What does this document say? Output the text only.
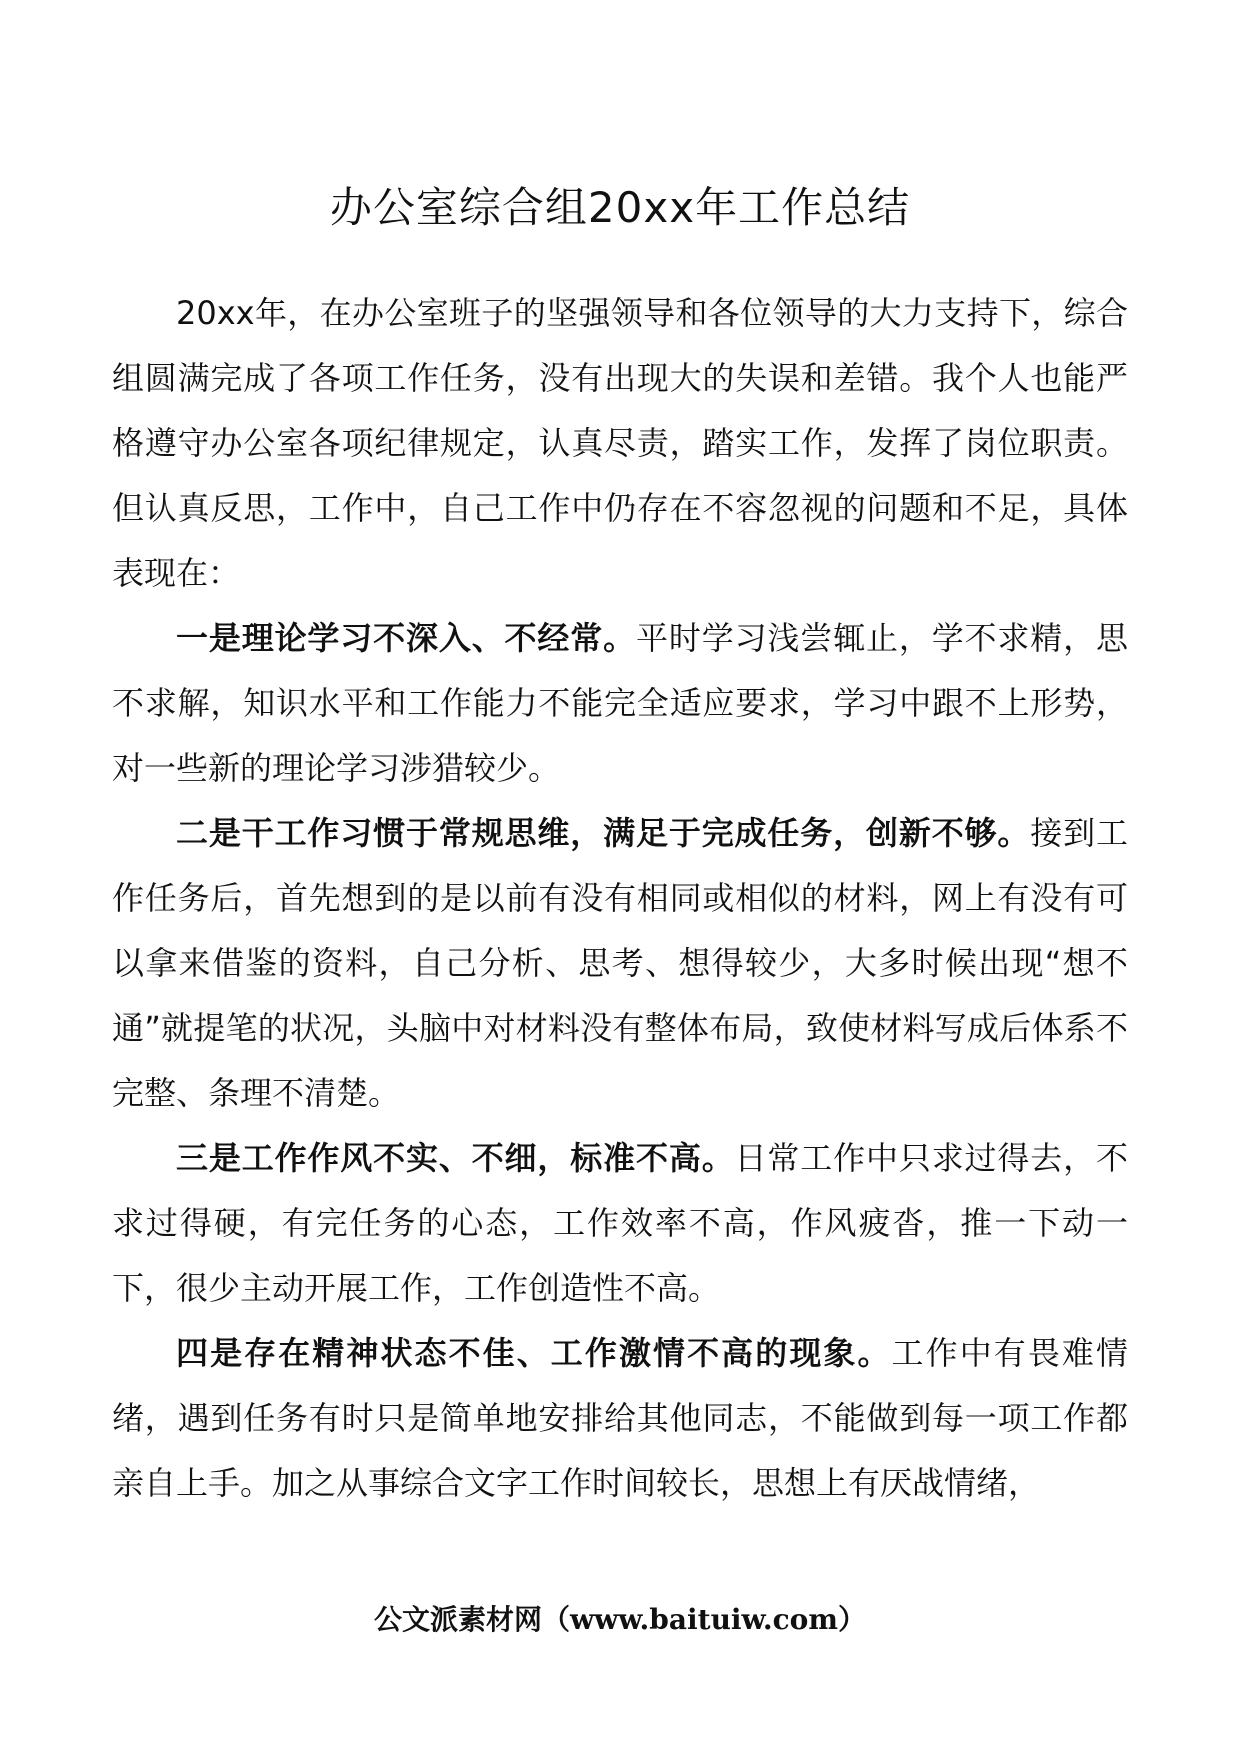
办公室综合组20xx年工作总结

20xx年，在办公室班子的坚强领导和各位领导的大力支持下，综合组圆满完成了各项工作任务，没有出现大的失误和差错。我个人也能严格遵守办公室各项纪律规定，认真尽责，踏实工作，发挥了岗位职责。但认真反思，工作中，自己工作中仍存在不容忽视的问题和不足，具体表现在：

一是理论学习不深入、不经常。平时学习浅尝辄止，学不求精，思不求解，知识水平和工作能力不能完全适应要求，学习中跟不上形势，对一些新的理论学习涉猎较少。

二是干工作习惯于常规思维，满足于完成任务，创新不够。接到工作任务后，首先想到的是以前有没有相同或相似的材料，网上有没有可以拿来借鉴的资料，自己分析、思考、想得较少，大多时候出现“想不通”就提笔的状况，头脑中对材料没有整体布局，致使材料写成后体系不完整、条理不清楚。

三是工作作风不实、不细，标准不高。日常工作中只求过得去，不求过得硬，有完任务的心态，工作效率不高，作风疲沓，推一下动一下，很少主动开展工作，工作创造性不高。

四是存在精神状态不佳、工作激情不高的现象。工作中有畏难情绪，遇到任务有时只是简单地安排给其他同志，不能做到每一项工作都亲自上手。加之从事综合文字工作时间较长，思想上有厌战情绪，

公文派素材网（www.baituiw.com）
